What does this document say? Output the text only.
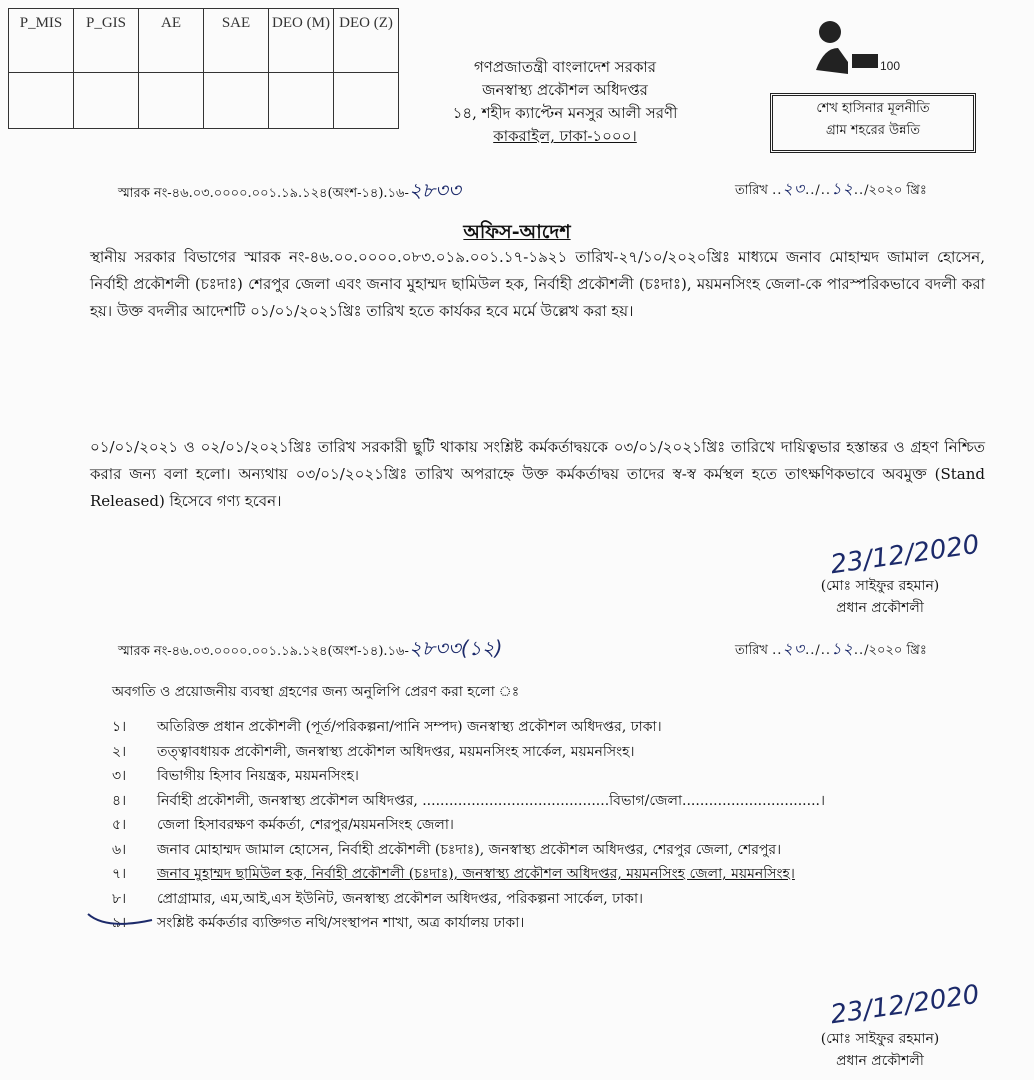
P_MIS	P_GIS	AE	SAE	DEO (M)	DEO (Z)

গণপ্রজাতন্ত্রী বাংলাদেশ সরকার
জনস্বাস্থ্য প্রকৌশল অধিদপ্তর
১৪, শহীদ ক্যাপ্টেন মনসুর আলী সরণী
কাকরাইল, ঢাকা-১০০০।
100
শেখ হাসিনার মূলনীতি
গ্রাম শহরের উন্নতি
স্মারক নং-৪৬.০৩.০০০০.০০১.১৯.১২৪(অংশ-১৪).১৬-২৮৩৩	তারিখ ..২৩../..১২../২০২০ খ্রিঃ
অফিস-আদেশ

স্থানীয় সরকার বিভাগের স্মারক নং-৪৬.০০.০০০০.০৮৩.০১৯.০০১.১৭-১৯২১ তারিখ-২৭/১০/২০২০খ্রিঃ মাধ্যমে জনাব মোহাম্মদ জামাল হোসেন, নির্বাহী প্রকৌশলী (চঃদাঃ) শেরপুর জেলা এবং জনাব মুহাম্মদ ছামিউল হক, নির্বাহী প্রকৌশলী (চঃদাঃ), ময়মনসিংহ জেলা-কে পারস্পরিকভাবে বদলী করা হয়। উক্ত বদলীর আদেশটি ০১/০১/২০২১খ্রিঃ তারিখ হতে কার্যকর হবে মর্মে উল্লেখ করা হয়।

০১/০১/২০২১ ও ০২/০১/২০২১খ্রিঃ তারিখ সরকারী ছুটি থাকায় সংশ্লিষ্ট কর্মকর্তাদ্বয়কে ০৩/০১/২০২১খ্রিঃ তারিখে দায়িত্বভার হস্তান্তর ও গ্রহণ নিশ্চিত করার জন্য বলা হলো। অন্যথায় ০৩/০১/২০২১খ্রিঃ তারিখ অপরাহ্নে উক্ত কর্মকর্তাদ্বয় তাদের স্ব-স্ব কর্মস্থল হতে তাৎক্ষণিকভাবে অবমুক্ত (Stand Released) হিসেবে গণ্য হবেন।

23/12/2020
(মোঃ সাইফুর রহমান)
প্রধান প্রকৌশলী
স্মারক নং-৪৬.০৩.০০০০.০০১.১৯.১২৪(অংশ-১৪).১৬-২৮৩৩(১২)	তারিখ ..২৩../..১২../২০২০ খ্রিঃ
অবগতি ও প্রয়োজনীয় ব্যবস্থা গ্রহণের জন্য অনুলিপি প্রেরণ করা হলো ঃ
১। অতিরিক্ত প্রধান প্রকৌশলী (পূর্ত/পরিকল্পনা/পানি সম্পদ) জনস্বাস্থ্য প্রকৌশল অধিদপ্তর, ঢাকা।
২। তত্ত্বাবধায়ক প্রকৌশলী, জনস্বাস্থ্য প্রকৌশল অধিদপ্তর, ময়মনসিংহ সার্কেল, ময়মনসিংহ।
৩। বিভাগীয় হিসাব নিয়ন্ত্রক, ময়মনসিংহ।
৪। নির্বাহী প্রকৌশলী, জনস্বাস্থ্য প্রকৌশল অধিদপ্তর, ..........................................বিভাগ/জেলা...............................।
৫। জেলা হিসাবরক্ষণ কর্মকর্তা, শেরপুর/ময়মনসিংহ জেলা।
৬। জনাব মোহাম্মদ জামাল হোসেন, নির্বাহী প্রকৌশলী (চঃদাঃ), জনস্বাস্থ্য প্রকৌশল অধিদপ্তর, শেরপুর জেলা, শেরপুর।
৭। জনাব মুহাম্মদ ছামিউল হক, নির্বাহী প্রকৌশলী (চঃদাঃ), জনস্বাস্থ্য প্রকৌশল অধিদপ্তর, ময়মনসিংহ জেলা, ময়মনসিংহ।
৮। প্রোগ্রামার, এম,আই,এস ইউনিট, জনস্বাস্থ্য প্রকৌশল অধিদপ্তর, পরিকল্পনা সার্কেল, ঢাকা।
৯। সংশ্লিষ্ট কর্মকর্তার ব্যক্তিগত নথি/সংস্থাপন শাখা, অত্র কার্যালয় ঢাকা।
23/12/2020
(মোঃ সাইফুর রহমান)
প্রধান প্রকৌশলী
